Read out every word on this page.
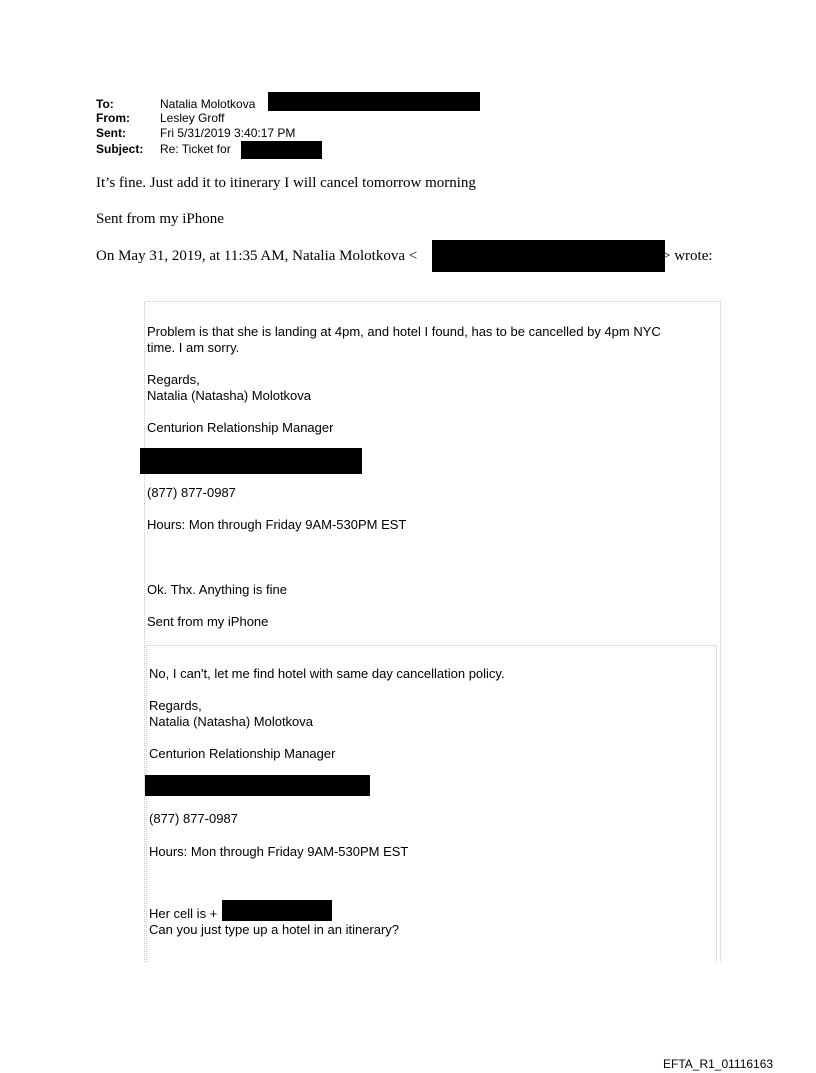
To:	Natalia Molotkova
From:	Lesley Groff
Sent:	Fri 5/31/2019 3:40:17 PM
Subject: Re: Ticket for
It’s fine. Just add it to itinerary I will cancel tomorrow morning
Sent from my iPhone
On May 31, 2019, at 11:35 AM, Natalia Molotkova <	> wrote:
Problem is that she is landing at 4pm, and hotel I found, has to be cancelled by 4pm NYC
time. I am sorry.
Regards,
Natalia (Natasha) Molotkova
Centurion Relationship Manager
(877) 877-0987
Hours: Mon through Friday 9AM-530PM EST
Ok. Thx. Anything is fine
Sent from my iPhone
No, I can't, let me find hotel with same day cancellation policy.
Regards,
Natalia (Natasha) Molotkova
Centurion Relationship Manager
(877) 877-0987
Hours: Mon through Friday 9AM-530PM EST
Her cell is +
Can you just type up a hotel in an itinerary?
EFTA_R1_01116163
